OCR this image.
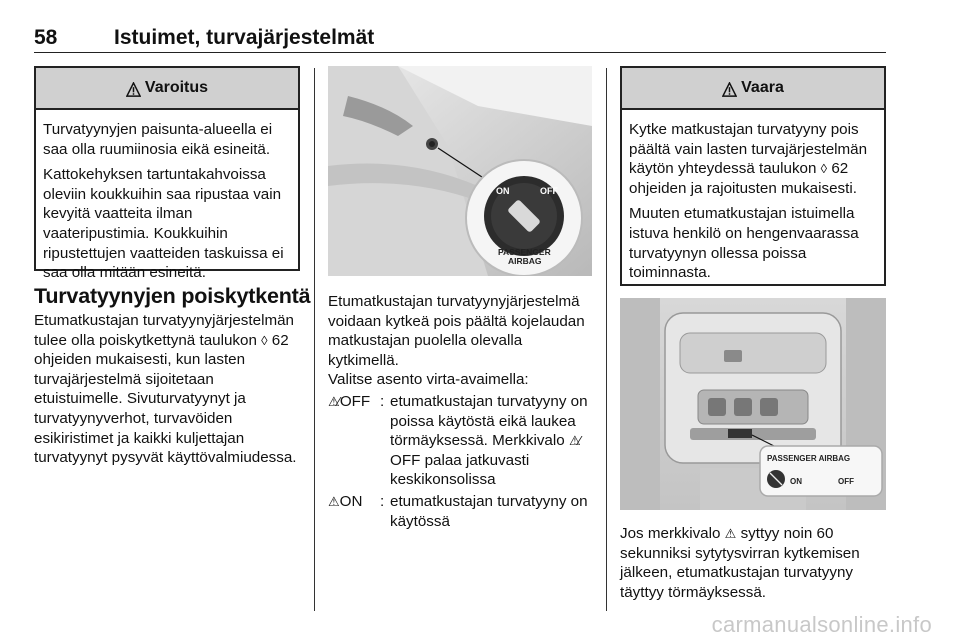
58	Istuimet, turvajärjestelmät
Varoitus

Turvatyynyjen paisunta-alueella ei saa olla ruumiinosia eikä esineitä.

Kattokehyksen tartuntakahvoissa oleviin koukkuihin saa ripustaa vain kevyitä vaatteita ilman vaateripustimia. Koukkuihin ripustettujen vaatteiden taskuissa ei saa olla mitään esineitä.

Turvatyynyjen poiskytkentä

Etumatkustajan turvatyynyjärjestelmän tulee olla poiskytkettynä taulukon ◊ 62 ohjeiden mukaisesti, kun lasten turvajärjestelmä sijoitetaan etuistuimelle. Sivuturvatyynyt ja turvatyynyverhot, turvavöiden esikiristimet ja kaikki kuljettajan turvatyynyt pysyvät käyttövalmiudessa.

ON	OFF
PASSENGER
AIRBAG

Etumatkustajan turvatyynyjärjestelmä voidaan kytkeä pois päältä kojelaudan matkustajan puolella olevalla kytkimellä.

Valitse asento virta-avaimella:

⚠⁄ OFF : etumatkustajan turvatyyny on poissa käytöstä eikä laukea törmäyksessä. Merkkivalo ⚠⁄OFF palaa jatkuvasti keskikonsolissa
⚠ ON	: etumatkustajan turvatyyny on käytössä
Vaara

Kytke matkustajan turvatyyny pois päältä vain lasten turvajärjestelmän käytön yhteydessä taulukon ◊ 62 ohjeiden ja rajoitusten mukaisesti.

Muuten etumatkustajan istuimella istuva henkilö on hengenvaarassa turvatyynyn ollessa poissa toiminnasta.

PASSENGER AIRBAG
ON	OFF

Jos merkkivalo ⚠ syttyy noin 60 sekunniksi sytytysvirran kytkemisen jälkeen, etumatkustajan turvatyyny täyttyy törmäyksessä.

carmanualsonline.info
